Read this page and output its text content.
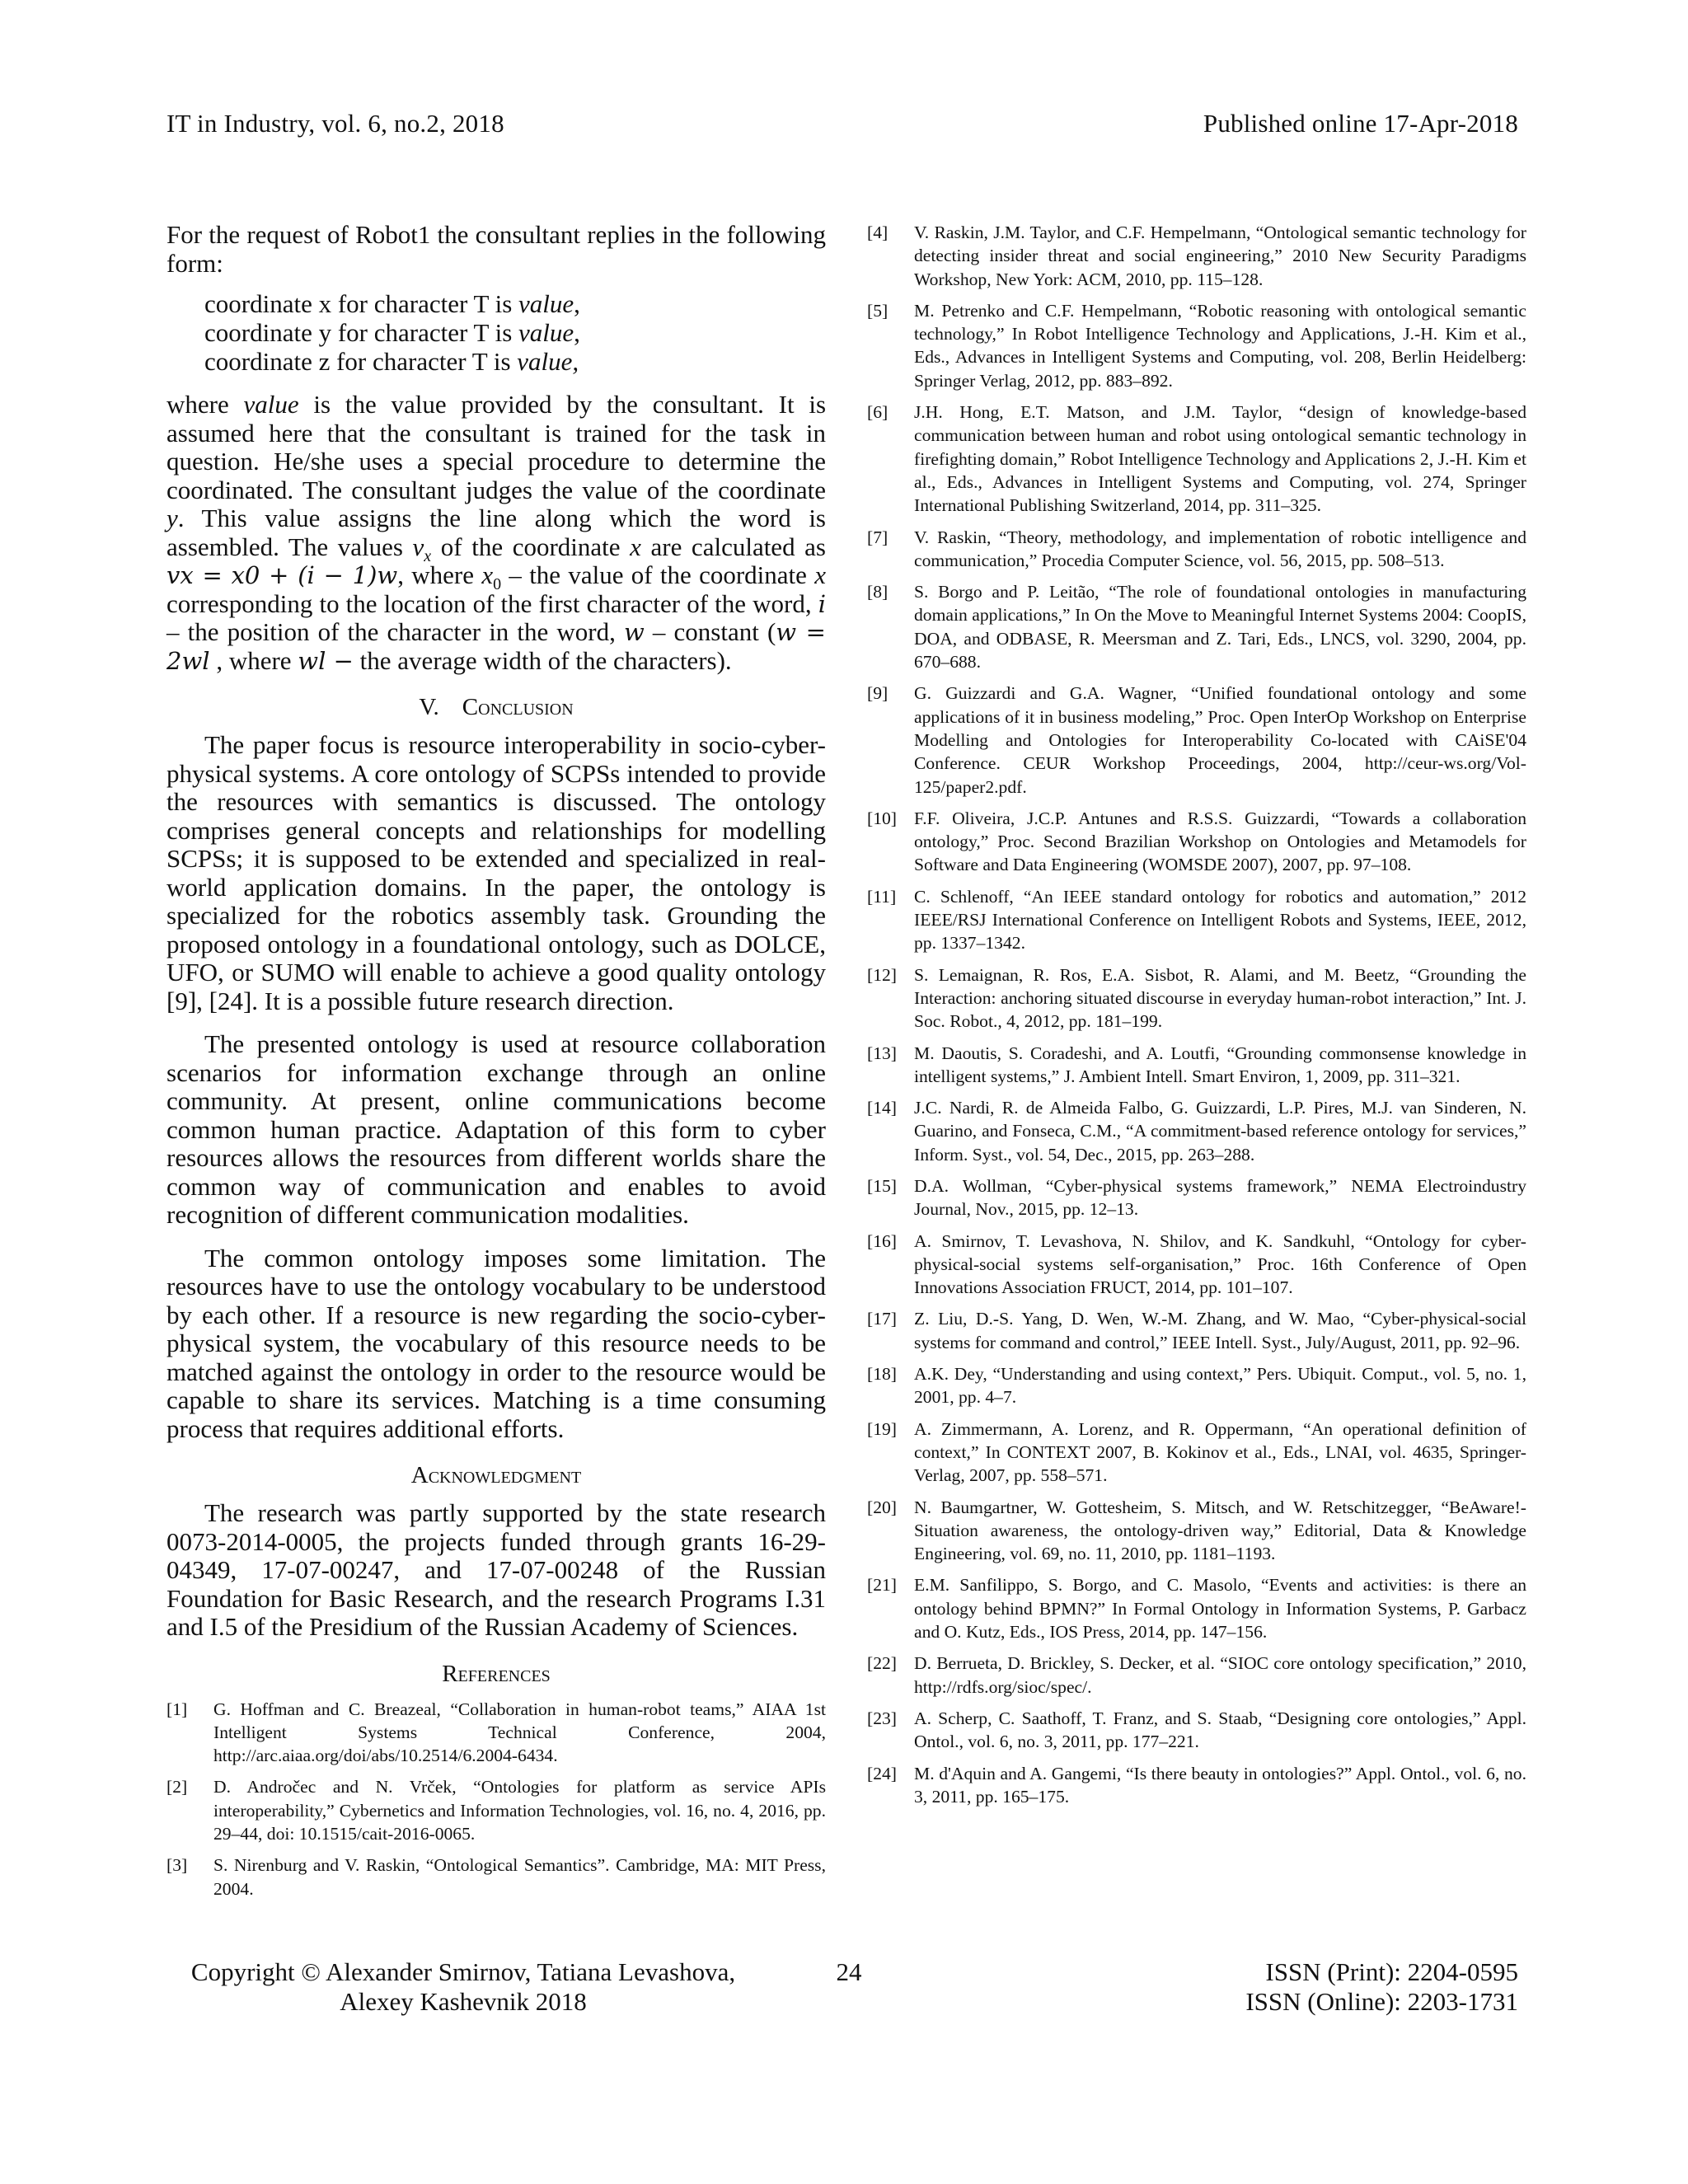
IT in Industry, vol. 6, no.2, 2018	Published online 17-Apr-2018

For the request of Robot1 the consultant replies in the following form:

coordinate x for character T is value,
coordinate y for character T is value,
coordinate z for character T is value,

where value is the value provided by the consultant. It is assumed here that the consultant is trained for the task in question. He/she uses a special procedure to determine the coordinated. The consultant judges the value of the coordinate y. This value assigns the line along which the word is assembled. The values $v_x$ of the coordinate x are calculated as 𝑣𝑥 = 𝑥0 + (𝑖 − 1)𝑤, where $x_0$ – the value of the coordinate x corresponding to the location of the first character of the word, 𝑖 – the position of the character in the word, 𝑤 – constant (𝑤 = 2𝑤𝑙 , where 𝑤𝑙 − the average width of the characters).

V. Conclusion

The paper focus is resource interoperability in socio-cyber-physical systems. A core ontology of SCPSs intended to provide the resources with semantics is discussed. The ontology comprises general concepts and relationships for modelling SCPSs; it is supposed to be extended and specialized in real-world application domains. In the paper, the ontology is specialized for the robotics assembly task. Grounding the proposed ontology in a foundational ontology, such as DOLCE, UFO, or SUMO will enable to achieve a good quality ontology [9], [24]. It is a possible future research direction.

The presented ontology is used at resource collaboration scenarios for information exchange through an online community. At present, online communications become common human practice. Adaptation of this form to cyber resources allows the resources from different worlds share the common way of communication and enables to avoid recognition of different communication modalities.

The common ontology imposes some limitation. The resources have to use the ontology vocabulary to be understood by each other. If a resource is new regarding the socio-cyber-physical system, the vocabulary of this resource needs to be matched against the ontology in order to the resource would be capable to share its services. Matching is a time consuming process that requires additional efforts.

Acknowledgment

The research was partly supported by the state research 0073-2014-0005, the projects funded through grants 16-29-04349, 17-07-00247, and 17-07-00248 of the Russian Foundation for Basic Research, and the research Programs I.31 and I.5 of the Presidium of the Russian Academy of Sciences.

References
[1]	G. Hoffman and C. Breazeal, “Collaboration in human-robot teams,” AIAA 1st Intelligent Systems Technical Conference, 2004, http://arc.aiaa.org/doi/abs/10.2514/6.2004-6434.
[2]	D. Andročec and N. Vrček, “Ontologies for platform as service APIs interoperability,” Cybernetics and Information Technologies, vol. 16, no. 4, 2016, pp. 29–44, doi: 10.1515/cait-2016-0065.
[3]	S. Nirenburg and V. Raskin, “Ontological Semantics”. Cambridge, MA: MIT Press, 2004.
[4]	V. Raskin, J.M. Taylor, and C.F. Hempelmann, “Ontological semantic technology for detecting insider threat and social engineering,” 2010 New Security Paradigms Workshop, New York: ACM, 2010, pp. 115–128.
[5]	M. Petrenko and C.F. Hempelmann, “Robotic reasoning with ontological semantic technology,” In Robot Intelligence Technology and Applications, J.-H. Kim et al., Eds., Advances in Intelligent Systems and Computing, vol. 208, Berlin Heidelberg: Springer Verlag, 2012, pp. 883–892.
[6]	J.H. Hong, E.T. Matson, and J.M. Taylor, “design of knowledge-based communication between human and robot using ontological semantic technology in firefighting domain,” Robot Intelligence Technology and Applications 2, J.-H. Kim et al., Eds., Advances in Intelligent Systems and Computing, vol. 274, Springer International Publishing Switzerland, 2014, pp. 311–325.
[7]	V. Raskin, “Theory, methodology, and implementation of robotic intelligence and communication,” Procedia Computer Science, vol. 56, 2015, pp. 508–513.
[8]	S. Borgo and P. Leitão, “The role of foundational ontologies in manufacturing domain applications,” In On the Move to Meaningful Internet Systems 2004: CoopIS, DOA, and ODBASE, R. Meersman and Z. Tari, Eds., LNCS, vol. 3290, 2004, pp. 670–688.
[9]	G. Guizzardi and G.A. Wagner, “Unified foundational ontology and some applications of it in business modeling,” Proc. Open InterOp Workshop on Enterprise Modelling and Ontologies for Interoperability Co-located with CAiSE'04 Conference. CEUR Workshop Proceedings, 2004, http://ceur-ws.org/Vol-125/paper2.pdf.
[10] F.F. Oliveira, J.C.P. Antunes and R.S.S. Guizzardi, “Towards a collaboration ontology,” Proc. Second Brazilian Workshop on Ontologies and Metamodels for Software and Data Engineering (WOMSDE 2007), 2007, pp. 97–108.
[11]	C. Schlenoff, “An IEEE standard ontology for robotics and automation,” 2012 IEEE/RSJ International Conference on Intelligent Robots and Systems, IEEE, 2012, pp. 1337–1342.
[12] S. Lemaignan, R. Ros, E.A. Sisbot, R. Alami, and M. Beetz, “Grounding the Interaction: anchoring situated discourse in everyday human-robot interaction,” Int. J. Soc. Robot., 4, 2012, pp. 181–199.
[13] M. Daoutis, S. Coradeshi, and A. Loutfi, “Grounding commonsense knowledge in intelligent systems,” J. Ambient Intell. Smart Environ, 1, 2009, pp. 311–321.
[14] J.C. Nardi, R. de Almeida Falbo, G. Guizzardi, L.P. Pires, M.J. van Sinderen, N. Guarino, and Fonseca, C.M., “A commitment-based reference ontology for services,” Inform. Syst., vol. 54, Dec., 2015, pp. 263–288.
[15] D.A. Wollman, “Cyber-physical systems framework,” NEMA Electroindustry Journal, Nov., 2015, pp. 12–13.
[16] A. Smirnov, T. Levashova, N. Shilov, and K. Sandkuhl, “Ontology for cyber-physical-social systems self-organisation,” Proc. 16th Conference of Open Innovations Association FRUCT, 2014, pp. 101–107.
[17] Z. Liu, D.-S. Yang, D. Wen, W.-M. Zhang, and W. Mao, “Cyber-physical-social systems for command and control,” IEEE Intell. Syst., July/August, 2011, pp. 92–96.
[18] A.K. Dey, “Understanding and using context,” Pers. Ubiquit. Comput., vol. 5, no. 1, 2001, pp. 4–7.
[19] A. Zimmermann, A. Lorenz, and R. Oppermann, “An operational definition of context,” In CONTEXT 2007, B. Kokinov et al., Eds., LNAI, vol. 4635, Springer-Verlag, 2007, pp. 558–571.
[20] N. Baumgartner, W. Gottesheim, S. Mitsch, and W. Retschitzegger, “BeAware!-Situation awareness, the ontology-driven way,” Editorial, Data & Knowledge Engineering, vol. 69, no. 11, 2010, pp. 1181–1193.
[21] E.M. Sanfilippo, S. Borgo, and C. Masolo, “Events and activities: is there an ontology behind BPMN?” In Formal Ontology in Information Systems, P. Garbacz and O. Kutz, Eds., IOS Press, 2014, pp. 147–156.
[22] D. Berrueta, D. Brickley, S. Decker, et al. “SIOC core ontology specification,” 2010, http://rdfs.org/sioc/spec/.
[23] A. Scherp, C. Saathoff, T. Franz, and S. Staab, “Designing core ontologies,” Appl. Ontol., vol. 6, no. 3, 2011, pp. 177–221.
[24] M. d'Aquin and A. Gangemi, “Is there beauty in ontologies?” Appl. Ontol., vol. 6, no. 3, 2011, pp. 165–175.
Copyright © Alexander Smirnov, Tatiana Levashova,
Alexey Kashevnik 2018
24	ISSN (Print): 2204-0595
ISSN (Online): 2203-1731
